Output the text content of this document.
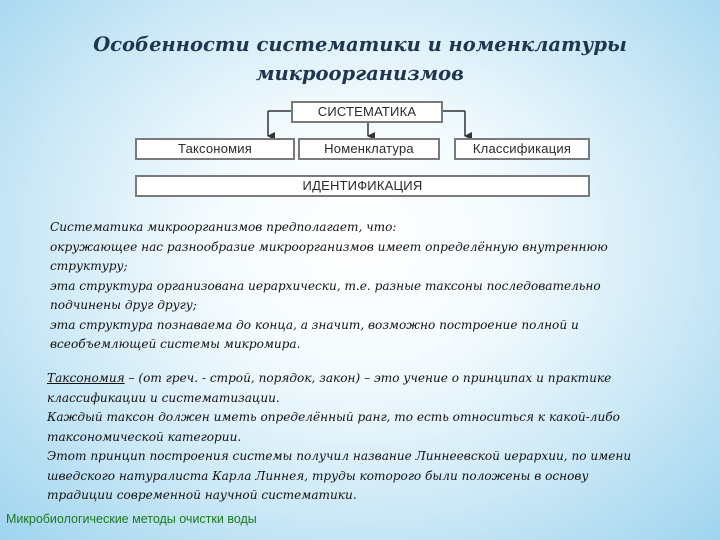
Особенности систематики и номенклатуры
микроорганизмов
СИСТЕМАТИКА
Таксономия	Номенклатура	Классификация
ИДЕНТИФИКАЦИЯ

Систематика микроорганизмов предполагает, что:

окружающее нас разнообразие микроорганизмов имеет определённую внутреннюю

структуру;

эта структура организована иерархически, т.е. разные таксоны последовательно

подчинены друг другу;

эта структура познаваема до конца, а значит, возможно построение полной и

всеобъемлющей системы микромира.

Таксономия – (от греч. - строй, порядок, закон) – это учение о принципах и практике

классификации и систематизации.

Каждый таксон должен иметь определённый ранг, то есть относиться к какой-либо

таксономической категории.

Этот принцип построения системы получил название Линнеевской иерархии, по имени

шведского натуралиста Карла Линнея, труды которого были положены в основу

традиции современной научной систематики.

Микробиологические методы очистки воды
